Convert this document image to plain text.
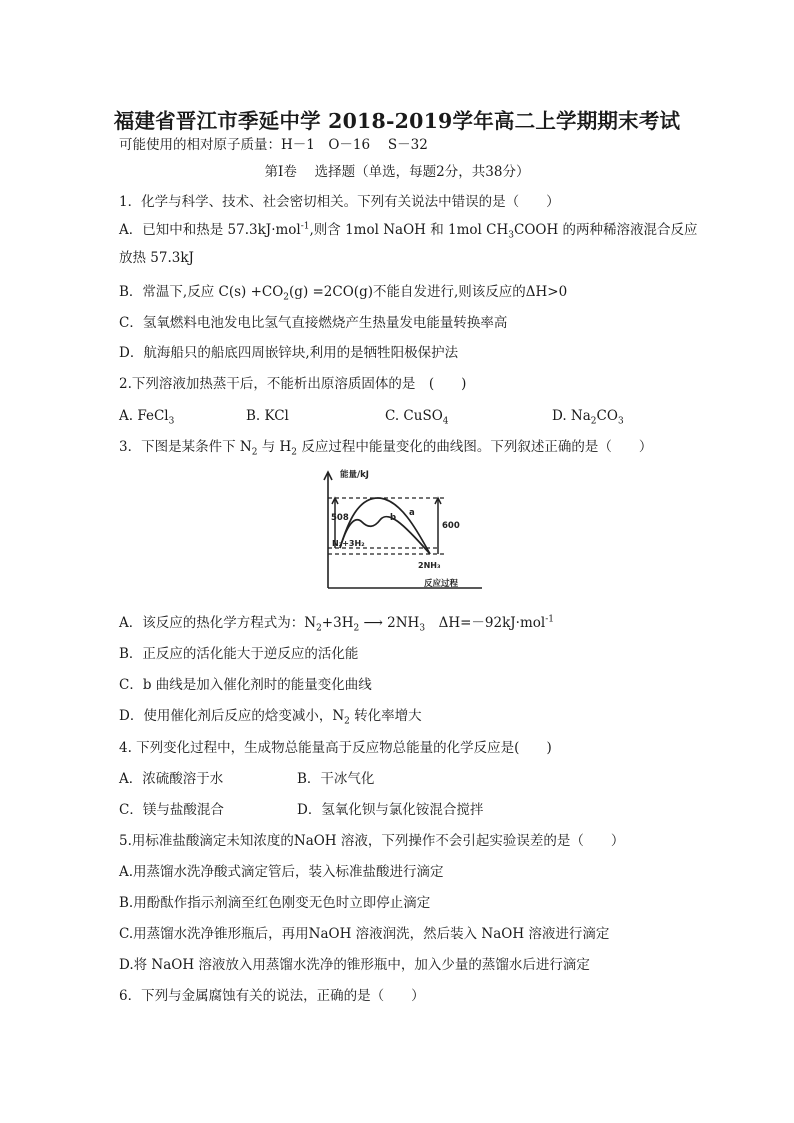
福建省晋江市季延中学 2018-2019学年高二上学期期末考试
可能使用的相对原子质量：H－1　O－16　 S－32
第Ⅰ卷　 选择题（单选，每题2分，共38分）
1．化学与科学、技术、社会密切相关。下列有关说法中错误的是（　　）
A．已知中和热是 57.3kJ·mol$^{-1}$,则含 1mol NaOH 和 1mol $CH_3COOH$ 的两种稀溶液混合反应
放热 57.3kJ
B．常温下,反应 $C(s) +CO_2(g) =2CO(g)$不能自发进行,则该反应的ΔH>0
C．氢氧燃料电池发电比氢气直接燃烧产生热量发电能量转换率高
D．航海船只的船底四周嵌锌块,利用的是牺牲阳极保护法
2.下列溶液加热蒸干后，不能析出原溶质固体的是　(　　)
A. FeCl$_3$	B. KCl	C. CuSO$_4$	D. $Na_2CO_3$
3．下图是某条件下 $N_2$ 与 $H_2$ 反应过程中能量变化的曲线图。下列叙述正确的是（　　）
能量/kJ
反应过程
508
600
a
b
N₂+3H₂
2NH₃
A．该反应的热化学方程式为：$N_2+3H_2$ ⟶ $2NH_3$　ΔH=－92kJ·mol$^{-1}$
B．正反应的活化能大于逆反应的活化能
C．b 曲线是加入催化剂时的能量变化曲线
D．使用催化剂后反应的焓变减小，$N_2$ 转化率增大
4. 下列变化过程中，生成物总能量高于反应物总能量的化学反应是(　　)
A．浓硫酸溶于水	B．干冰气化
C．镁与盐酸混合	D．氢氧化钡与氯化铵混合搅拌
5.用标准盐酸滴定未知浓度的NaOH 溶液，下列操作不会引起实验误差的是（　　）
A.用蒸馏水洗净酸式滴定管后，装入标准盐酸进行滴定
B.用酚酞作指示剂滴至红色刚变无色时立即停止滴定
C.用蒸馏水洗净锥形瓶后，再用NaOH 溶液润洗，然后装入 NaOH 溶液进行滴定
D.将 NaOH 溶液放入用蒸馏水洗净的锥形瓶中，加入少量的蒸馏水后进行滴定
6．下列与金属腐蚀有关的说法，正确的是（　　）
